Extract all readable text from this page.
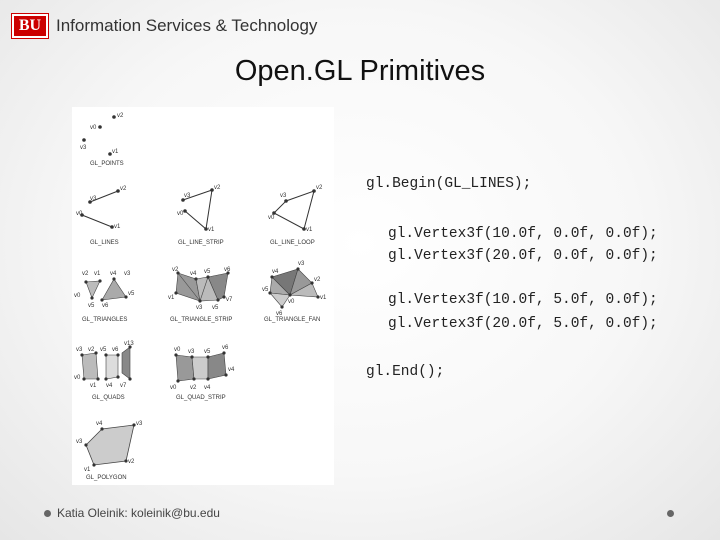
BU Information Services & Technology
Open.GL Primitives
v2
v0
v3
v1
GL_POINTS
v2
v3
v0
v1
GL_LINES
v0
v1
v2
v3
GL_LINE_STRIP
v3
v2
v1
v0
GL_LINE_LOOP
v2 v1 v4 v3
v0
v5 v6
v5
GL_TRIANGLES
v2
v4 v5 v6
v1
v3 v5
v7
GL_TRIANGLE_STRIP
v4
v3
v2
v1
v5
v0
v6
GL_TRIANGLE_FAN
v3 v2 v5 v6
v13
v0
v1 v4 v7
GL_QUADS
v0 v3 v5
v6
v0 v2 v4
v4
GL_QUAD_STRIP
v3
v4	v3
v2
v1
GL_POLYGON
gl.Begin(GL_LINES);
gl.Vertex3f(10.0f, 0.0f, 0.0f);
gl.Vertex3f(20.0f, 0.0f, 0.0f);
gl.Vertex3f(10.0f, 5.0f, 0.0f);
gl.Vertex3f(20.0f, 5.0f, 0.0f);
gl.End();
Katia Oleinik: koleinik@bu.edu
